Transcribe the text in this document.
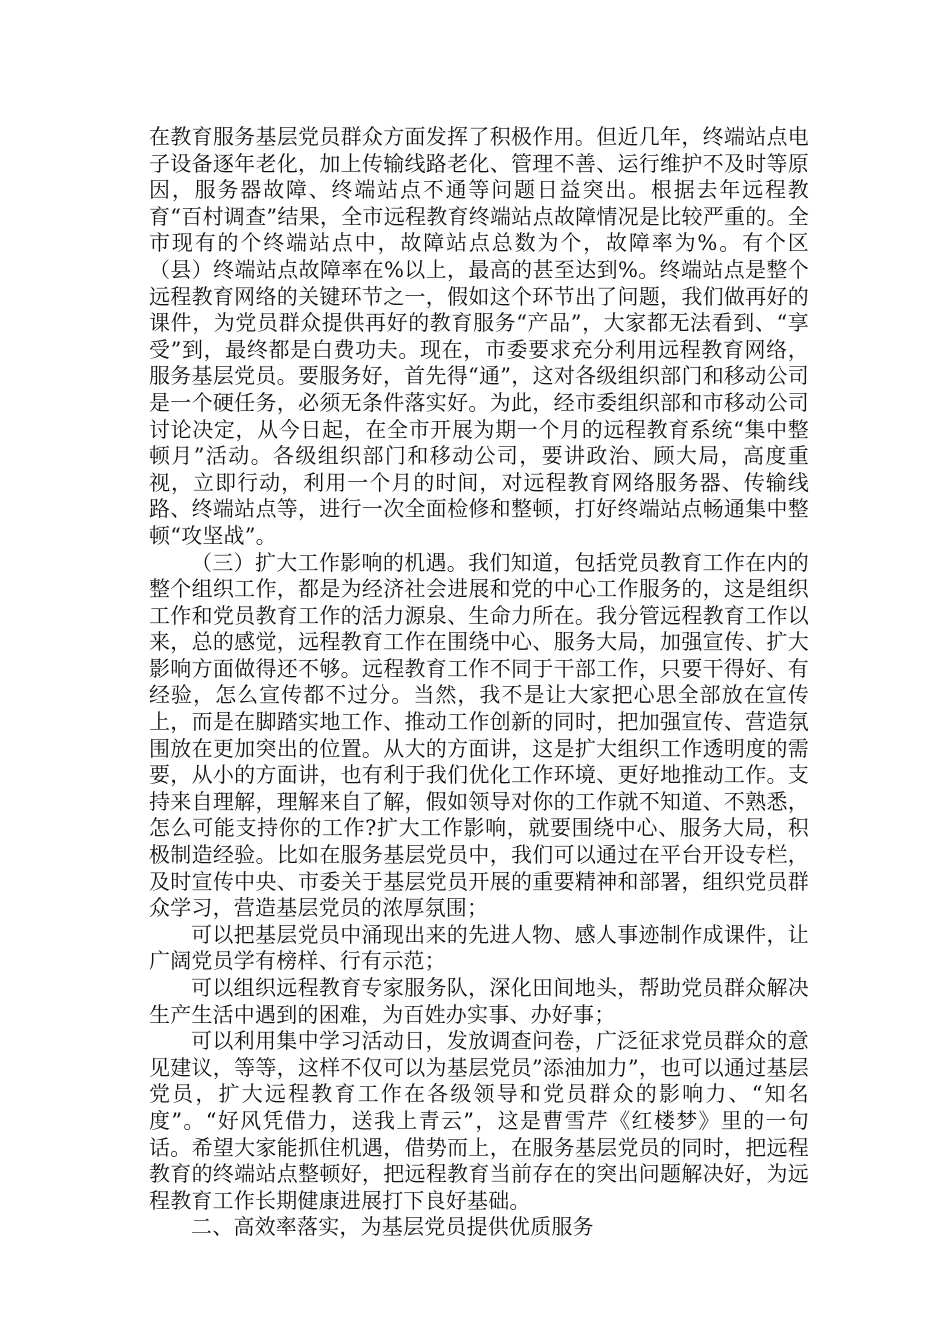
在教育服务基层党员群众方面发挥了积极作用。但近几年，终端站点电子设备逐年老化，加上传输线路老化、管理不善、运行维护不及时等原因，服务器故障、终端站点不通等问题日益突出。根据去年远程教育“百村调查”结果，全市远程教育终端站点故障情况是比较严重的。全市现有的个终端站点中，故障站点总数为个，故障率为%。有个区（县）终端站点故障率在%以上，最高的甚至达到%。终端站点是整个远程教育网络的关键环节之一，假如这个环节出了问题，我们做再好的课件，为党员群众提供再好的教育服务“产品”，大家都无法看到、“享受”到，最终都是白费功夫。现在，市委要求充分利用远程教育网络，服务基层党员。要服务好，首先得“通”，这对各级组织部门和移动公司是一个硬任务，必须无条件落实好。为此，经市委组织部和市移动公司讨论决定，从今日起，在全市开展为期一个月的远程教育系统“集中整顿月”活动。各级组织部门和移动公司，要讲政治、顾大局，高度重视，立即行动，利用一个月的时间，对远程教育网络服务器、传输线路、终端站点等，进行一次全面检修和整顿，打好终端站点畅通集中整顿“攻坚战”。

（三）扩大工作影响的机遇。我们知道，包括党员教育工作在内的整个组织工作，都是为经济社会进展和党的中心工作服务的，这是组织工作和党员教育工作的活力源泉、生命力所在。我分管远程教育工作以来，总的感觉，远程教育工作在围绕中心、服务大局，加强宣传、扩大影响方面做得还不够。远程教育工作不同于干部工作，只要干得好、有经验，怎么宣传都不过分。当然，我不是让大家把心思全部放在宣传上，而是在脚踏实地工作、推动工作创新的同时，把加强宣传、营造氛围放在更加突出的位置。从大的方面讲，这是扩大组织工作透明度的需要，从小的方面讲，也有利于我们优化工作环境、更好地推动工作。支持来自理解，理解来自了解，假如领导对你的工作就不知道、不熟悉，怎么可能支持你的工作?扩大工作影响，就要围绕中心、服务大局，积极制造经验。比如在服务基层党员中，我们可以通过在平台开设专栏，及时宣传中央、市委关于基层党员开展的重要精神和部署，组织党员群众学习，营造基层党员的浓厚氛围；

可以把基层党员中涌现出来的先进人物、感人事迹制作成课件，让广阔党员学有榜样、行有示范；

可以组织远程教育专家服务队，深化田间地头，帮助党员群众解决生产生活中遇到的困难，为百姓办实事、办好事；

可以利用集中学习活动日，发放调查问卷，广泛征求党员群众的意见建议，等等，这样不仅可以为基层党员”添油加力”，也可以通过基层党员，扩大远程教育工作在各级领导和党员群众的影响力、“知名度”。“好风凭借力，送我上青云”，这是曹雪芹《红楼梦》里的一句话。希望大家能抓住机遇，借势而上，在服务基层党员的同时，把远程教育的终端站点整顿好，把远程教育当前存在的突出问题解决好，为远程教育工作长期健康进展打下良好基础。

二、高效率落实，为基层党员提供优质服务
